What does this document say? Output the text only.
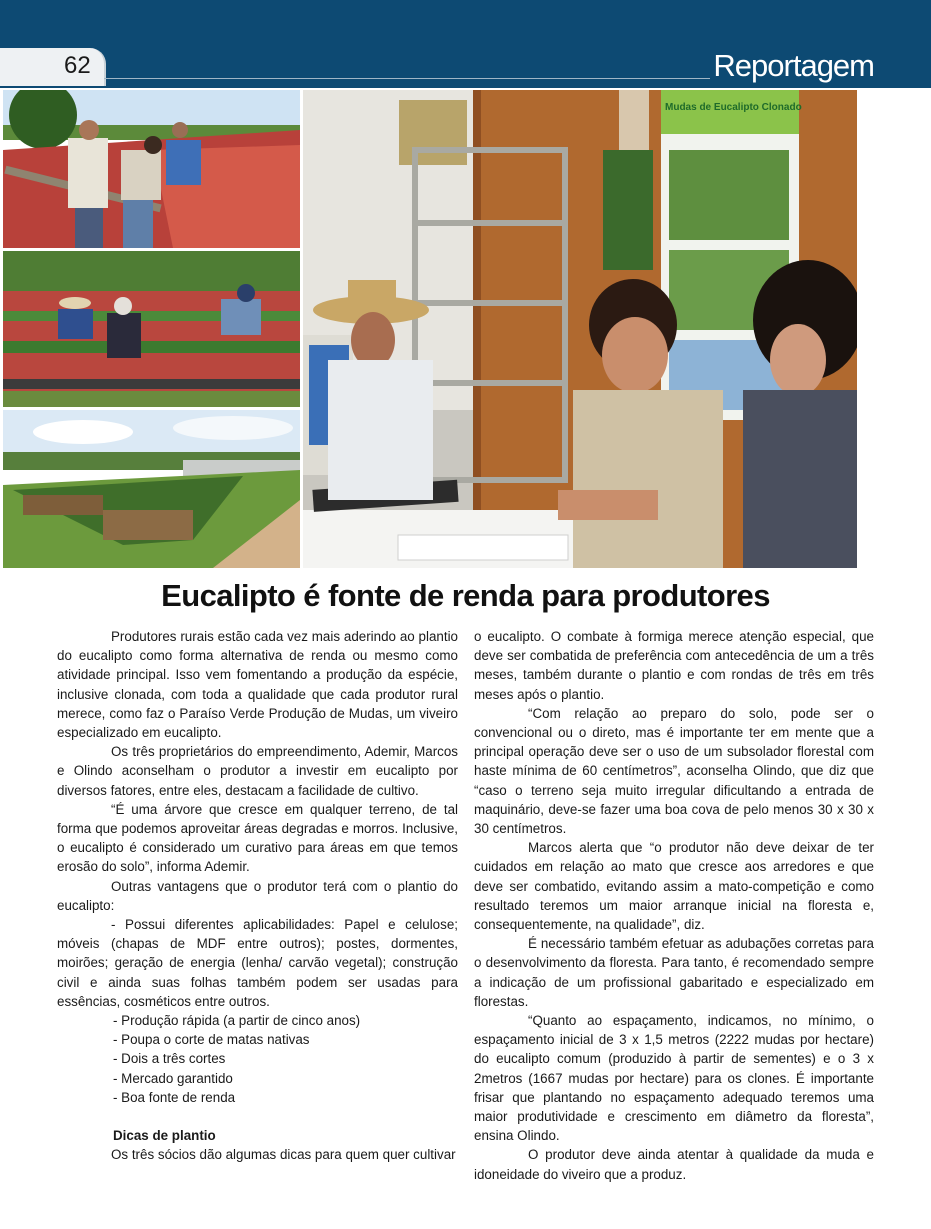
62	Reportagem
Mudas de Eucalipto Clonado
Eucalipto é fonte de renda para produtores

Produtores rurais estão cada vez mais aderindo ao plantio do eucalipto como forma alternativa de renda ou mesmo como atividade principal. Isso vem fomentando a produção da espécie, inclusive clonada, com toda a qualidade que cada produtor rural merece, como faz o Paraíso Verde Produção de Mudas, um viveiro especializado em eucalipto.

Os três proprietários do empreendimento, Ademir, Marcos e Olindo aconselham o produtor a investir em eucalipto por diversos fatores, entre eles, destacam a facilidade de cultivo.

“É uma árvore que cresce em qualquer terreno, de tal forma que podemos aproveitar áreas degradas e morros. Inclusive, o eucalipto é considerado um curativo para áreas em que temos erosão do solo”, informa Ademir.

Outras vantagens que o produtor terá com o plantio do eucalipto:

- Possui diferentes aplicabilidades: Papel e celulose; móveis (chapas de MDF entre outros); postes, dormentes, moirões; geração de energia (lenha/ carvão vegetal); construção civil e ainda suas folhas também podem ser usadas para essências, cosméticos entre outros.

- Produção rápida (a partir de cinco anos)

- Poupa o corte de matas nativas

- Dois a três cortes

- Mercado garantido

- Boa fonte de renda

Dicas de plantio

Os três sócios dão algumas dicas para quem quer cultivar

o eucalipto. O combate à formiga merece atenção especial, que deve ser combatida de preferência com antecedência de um a três meses, também durante o plantio e com rondas de três em três meses após o plantio.

“Com relação ao preparo do solo, pode ser o convencional ou o direto, mas é importante ter em mente que a principal operação deve ser o uso de um subsolador florestal com haste mínima de 60 centímetros”, aconselha Olindo, que diz que “caso o terreno seja muito irregular dificultando a entrada de maquinário, deve-se fazer uma boa cova de pelo menos 30 x 30 x 30 centímetros.

Marcos alerta que “o produtor não deve deixar de ter cuidados em relação ao mato que cresce aos arredores e que deve ser combatido, evitando assim a mato-competição e como resultado teremos um maior arranque inicial na floresta e, consequentemente, na qualidade”, diz.

É necessário também efetuar as adubações corretas para o desenvolvimento da floresta. Para tanto, é recomendado sempre a indicação de um profissional gabaritado e especializado em florestas.

“Quanto ao espaçamento, indicamos, no mínimo, o espaçamento inicial de 3 x 1,5 metros (2222 mudas por hectare) do eucalipto comum (produzido à partir de sementes) e o 3 x 2metros (1667 mudas por hectare) para os clones. É importante frisar que plantando no espaçamento adequado teremos uma maior produtividade e crescimento em diâmetro da floresta”, ensina Olindo.

O produtor deve ainda atentar à qualidade da muda e idoneidade do viveiro que a produz.
